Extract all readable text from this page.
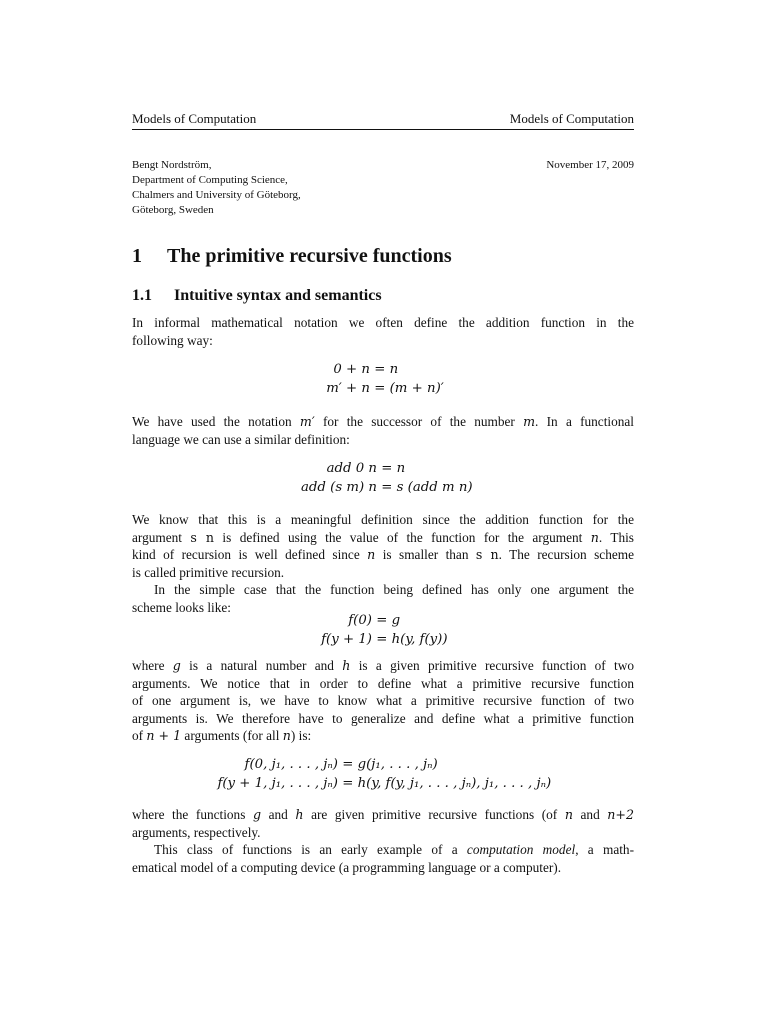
Models of Computation	Models of Computation
Bengt Nordström,
Department of Computing Science,
Chalmers and University of Göteborg,
Göteborg, Sweden
November 17, 2009
1 The primitive recursive functions
1.1 Intuitive syntax and semantics
In informal mathematical notation we often define the addition function in the
following way:
0 + n = n
m′ + n = (m + n)′
We have used the notation m′ for the successor of the number m. In a functional
language we can use a similar definition:
add 0 n = n
add (s m) n = s (add m n)
We know that this is a meaningful definition since the addition function for the
argument s n is defined using the value of the function for the argument n. This
kind of recursion is well defined since n is smaller than s n. The recursion scheme
is called primitive recursion.
In the simple case that the function being defined has only one argument the
scheme looks like:
f(0) = g
f(y + 1) = h(y, f(y))
where g is a natural number and h is a given primitive recursive function of two
arguments. We notice that in order to define what a primitive recursive function
of one argument is, we have to know what a primitive recursive function of two
arguments is. We therefore have to generalize and define what a primitive function
of n + 1 arguments (for all n) is:
f(0, j₁, . . . , jₙ) = g(j₁, . . . , jₙ)
f(y + 1, j₁, . . . , jₙ) = h(y, f(y, j₁, . . . , jₙ), j₁, . . . , jₙ)
where the functions g and h are given primitive recursive functions (of n and n+2
arguments, respectively.
This class of functions is an early example of a computation model, a math-
ematical model of a computing device (a programming language or a computer).
